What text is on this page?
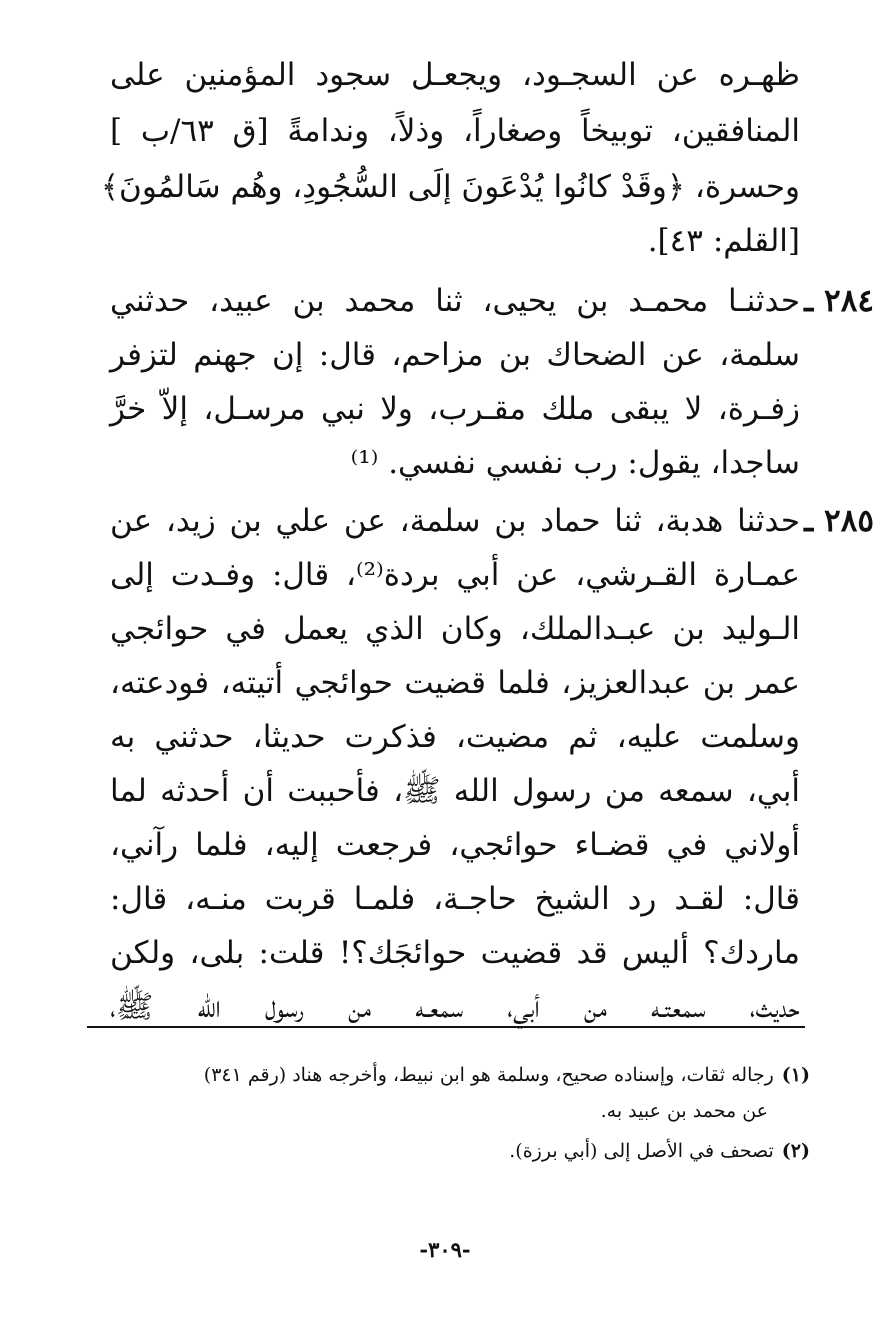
ظهـره عن السجـود، ويجعـل سجود المؤمنين على
المنافقين، توبيخاً وصغاراً، وذلاً، وندامةً [ق ٦٣/ب ]
وحسرة، ﴿وقَدْ كانُوا يُدْعَونَ إلَى السُّجُودِ، وهُم سَالمُونَ﴾
[القلم: ٤٣].
٢٨٤ ـ
حدثنـا محمـد بن يحيى، ثنا محمد بن عبيد، حدثني
سلمة، عن الضحاك بن مزاحم، قال: إن جهنم لتزفر
زفـرة، لا يبقى ملك مقـرب، ولا نبي مرسـل، إلاّ خرَّ
ساجدا، يقول: رب نفسي نفسي. ⁽¹⁾
٢٨٥ ـ
حدثنا هدبة، ثنا حماد بن سلمة، عن علي بن زيد، عن
عمـارة القـرشي، عن أبي بردة⁽²⁾، قال: وفـدت إلى
الـوليد بن عبـدالملك، وكان الذي يعمل في حوائجي
عمر بن عبدالعزيز، فلما قضيت حوائجي أتيته، فودعته،
وسلمت عليه، ثم مضيت، فذكرت حديثا، حدثني به
أبي، سمعه من رسول الله ﷺ، فأحببت أن أحدثه لما
أولاني في قضـاء حوائجي، فرجعت إليه، فلما رآني،
قال: لقـد رد الشيخ حاجـة، فلمـا قربت منـه، قال:
ماردك؟ أليس قد قضيت حوائجَك؟! قلت: بلى، ولكن
حديث، سمعتـه من أبي، سمعـه من رسول الله ﷺ،
(١)رجاله ثقات، وإسناده صحيح، وسلمة هو ابن نبيط، وأخرجه هناد (رقم ٣٤١)
عن محمد بن عبيد به.
(٢)تصحف في الأصل إلى (أبي برزة).
-٣٠٩-
